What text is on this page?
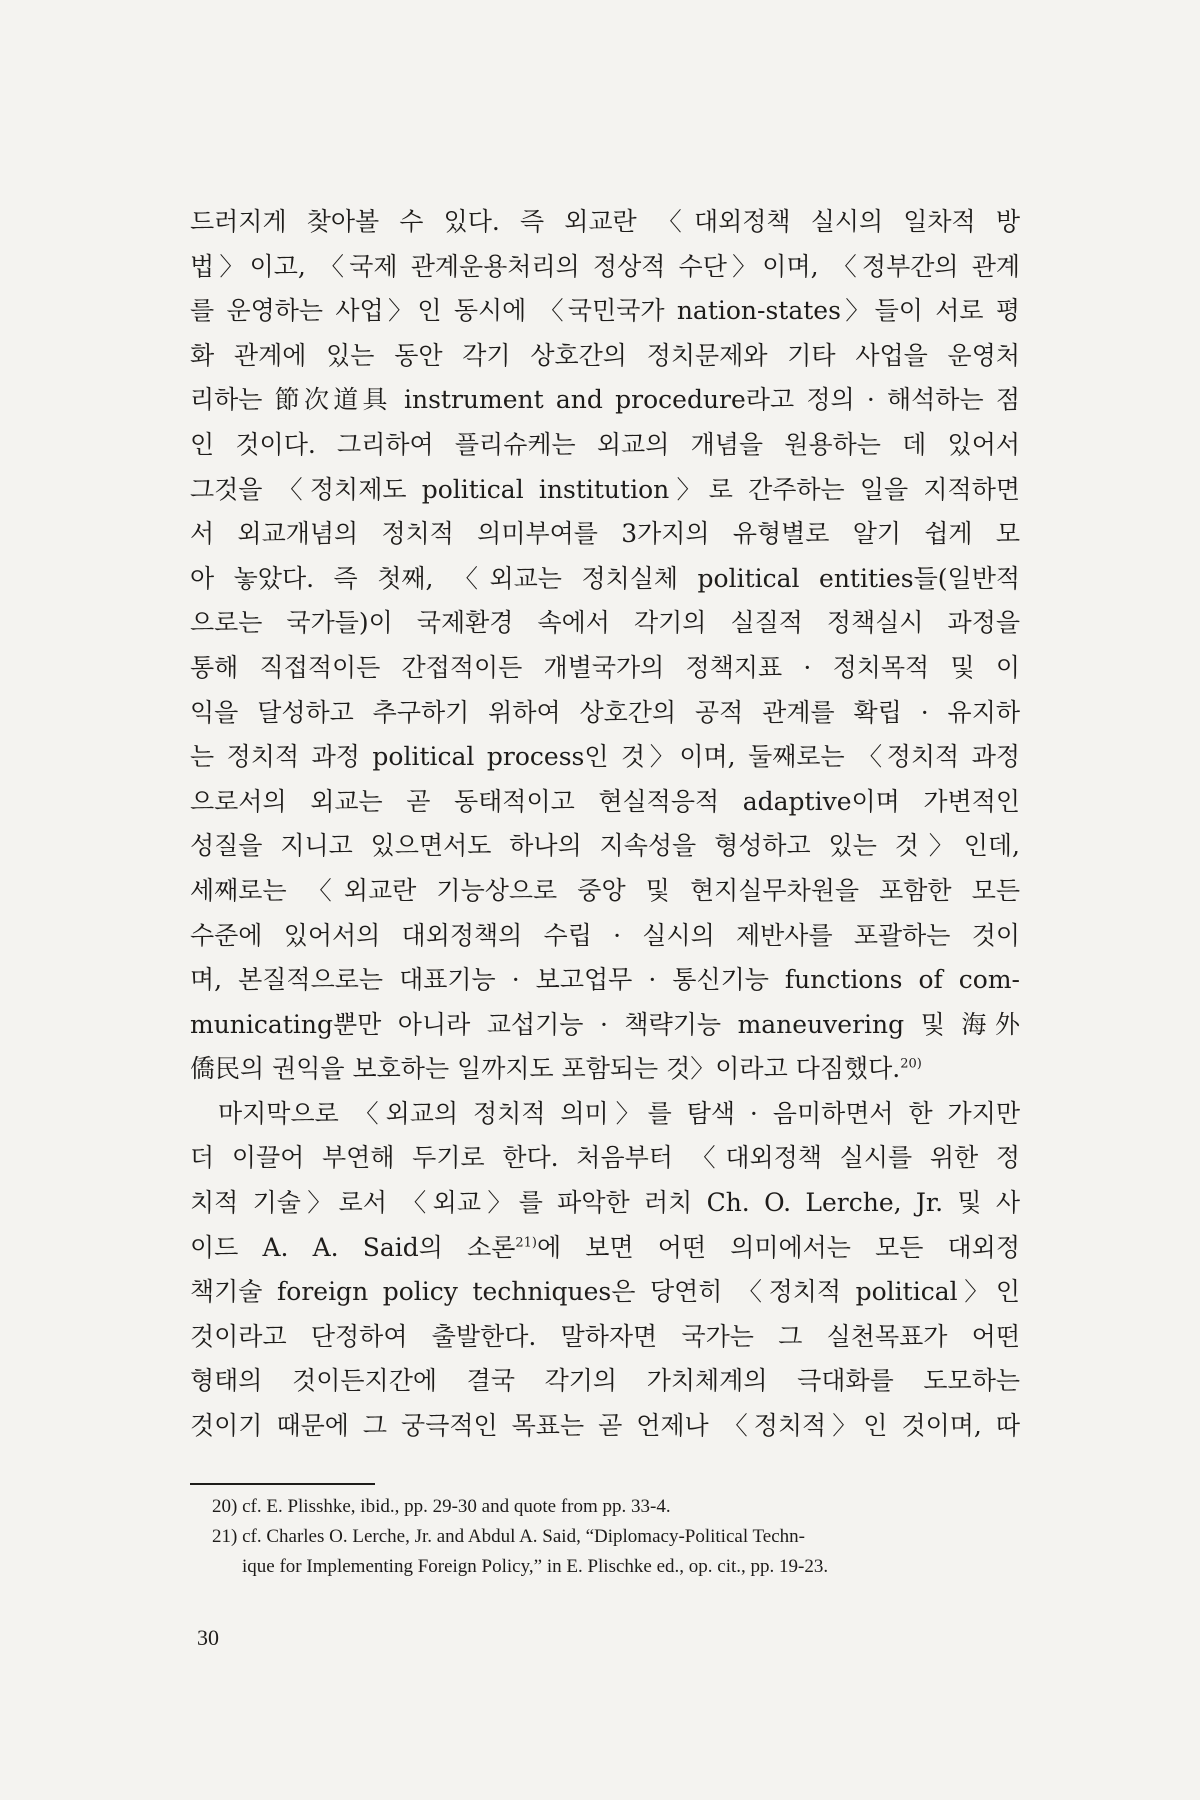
드러지게 찾아볼 수 있다. 즉 외교란 〈대외정책 실시의 일차적 방
법〉이고, 〈국제 관계운용처리의 정상적 수단〉이며, 〈정부간의 관계
를 운영하는 사업〉인 동시에 〈국민국가 nation-states〉들이 서로 평
화 관계에 있는 동안 각기 상호간의 정치문제와 기타 사업을 운영처
리하는 節次道具 instrument and procedure라고 정의 · 해석하는 점
인 것이다. 그리하여 플리슈케는 외교의 개념을 원용하는 데 있어서
그것을 〈정치제도 political institution〉로 간주하는 일을 지적하면
서 외교개념의 정치적 의미부여를 3가지의 유형별로 알기 쉽게 모
아 놓았다. 즉 첫째, 〈외교는 정치실체 political entities들(일반적
으로는 국가들)이 국제환경 속에서 각기의 실질적 정책실시 과정을
통해 직접적이든 간접적이든 개별국가의 정책지표 · 정치목적 및 이
익을 달성하고 추구하기 위하여 상호간의 공적 관계를 확립 · 유지하
는 정치적 과정 political process인 것〉이며, 둘째로는 〈정치적 과정
으로서의 외교는 곧 동태적이고 현실적응적 adaptive이며 가변적인
성질을 지니고 있으면서도 하나의 지속성을 형성하고 있는 것〉인데,
세째로는 〈외교란 기능상으로 중앙 및 현지실무차원을 포함한 모든
수준에 있어서의 대외정책의 수립 · 실시의 제반사를 포괄하는 것이
며, 본질적으로는 대표기능 · 보고업무 · 통신기능 functions of com-
municating뿐만 아니라 교섭기능 · 책략기능 maneuvering 및 海外
僑民의 권익을 보호하는 일까지도 포함되는 것〉이라고 다짐했다.$^{20)}$
마지막으로 〈외교의 정치적 의미〉를 탐색 · 음미하면서 한 가지만
더 이끌어 부연해 두기로 한다. 처음부터 〈대외정책 실시를 위한 정
치적 기술〉로서 〈외교〉를 파악한 러치 Ch. O. Lerche, Jr. 및 사
이드 A. A. Said의 소론$^{21)}$에 보면 어떤 의미에서는 모든 대외정
책기술 foreign policy techniques은 당연히 〈정치적 political〉인
것이라고 단정하여 출발한다. 말하자면 국가는 그 실천목표가 어떤
형태의 것이든지간에 결국 각기의 가치체계의 극대화를 도모하는
것이기 때문에 그 궁극적인 목표는 곧 언제나 〈정치적〉인 것이며, 따
20) cf. E. Plisshke, ibid., pp. 29-30 and quote from pp. 33-4.
21) cf. Charles O. Lerche, Jr. and Abdul A. Said, “Diplomacy-Political Techn-
ique for Implementing Foreign Policy,” in E. Plischke ed., op. cit., pp. 19-23.
30
